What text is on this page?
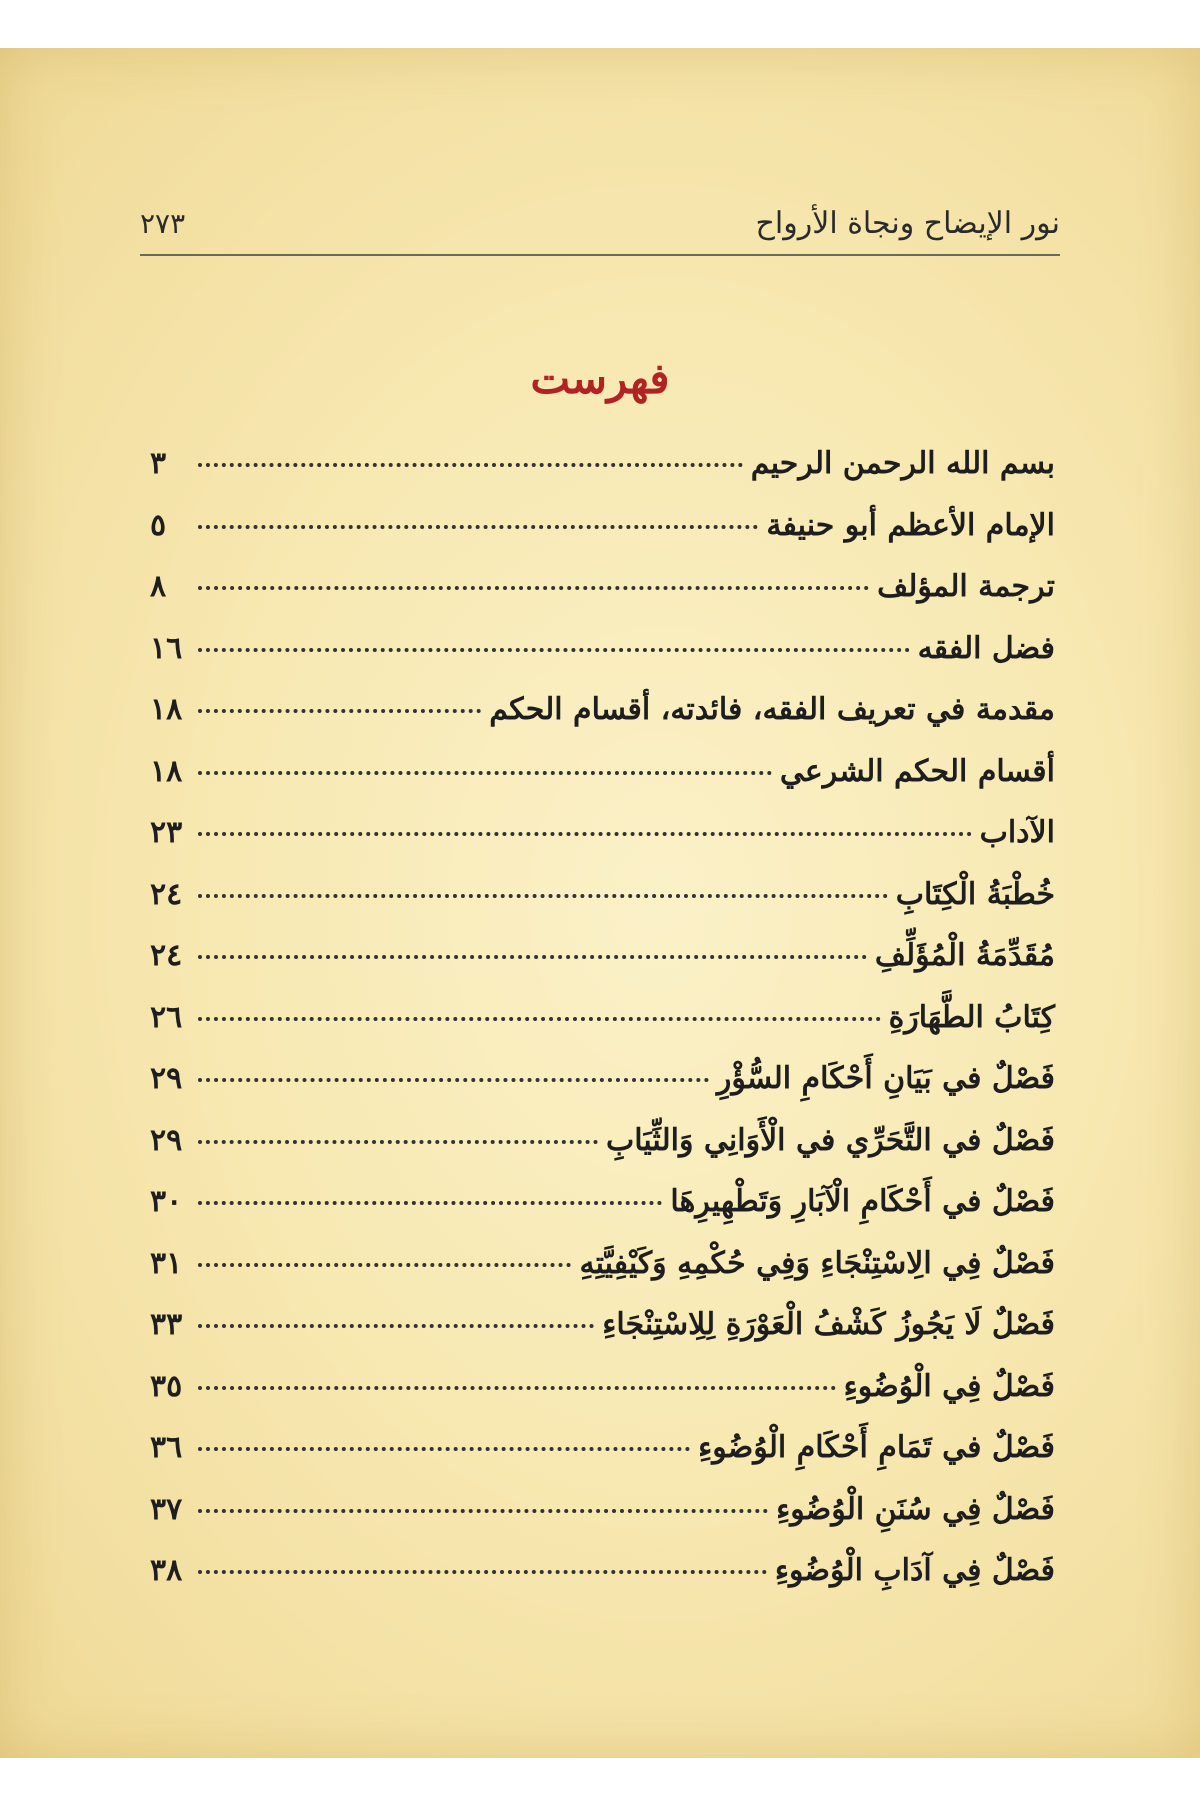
نور الإيضاح ونجاة الأرواح
٢٧٣
فهرست
بسم الله الرحمن الرحيم
٣
الإمام الأعظم أبو حنيفة
٥
ترجمة المؤلف
٨
فضل الفقه
١٦
مقدمة في تعريف الفقه، فائدته، أقسام الحكم
١٨
أقسام الحكم الشرعي
١٨
الآداب
٢٣
خُطْبَةُ الْكِتَابِ
٢٤
مُقَدِّمَةُ الْمُؤَلِّفِ
٢٤
كِتَابُ الطَّهَارَةِ
٢٦
فَصْلٌ في بَيَانِ أَحْكَامِ السُّؤْرِ
٢٩
فَصْلٌ في التَّحَرِّي في الْأَوَانِي وَالثِّيَابِ
٢٩
فَصْلٌ في أَحْكَامِ الْآبَارِ وَتَطْهِيرِهَا
٣٠
فَصْلٌ فِي الِاسْتِنْجَاءِ وَفِي حُكْمِهِ وَكَيْفِيَّتِهِ
٣١
فَصْلٌ لَا يَجُوزُ كَشْفُ الْعَوْرَةِ لِلِاسْتِنْجَاءِ
٣٣
فَصْلٌ فِي الْوُضُوءِ
٣٥
فَصْلٌ في تَمَامِ أَحْكَامِ الْوُضُوءِ
٣٦
فَصْلٌ فِي سُنَنِ الْوُضُوءِ
٣٧
فَصْلٌ فِي آدَابِ الْوُضُوءِ
٣٨
